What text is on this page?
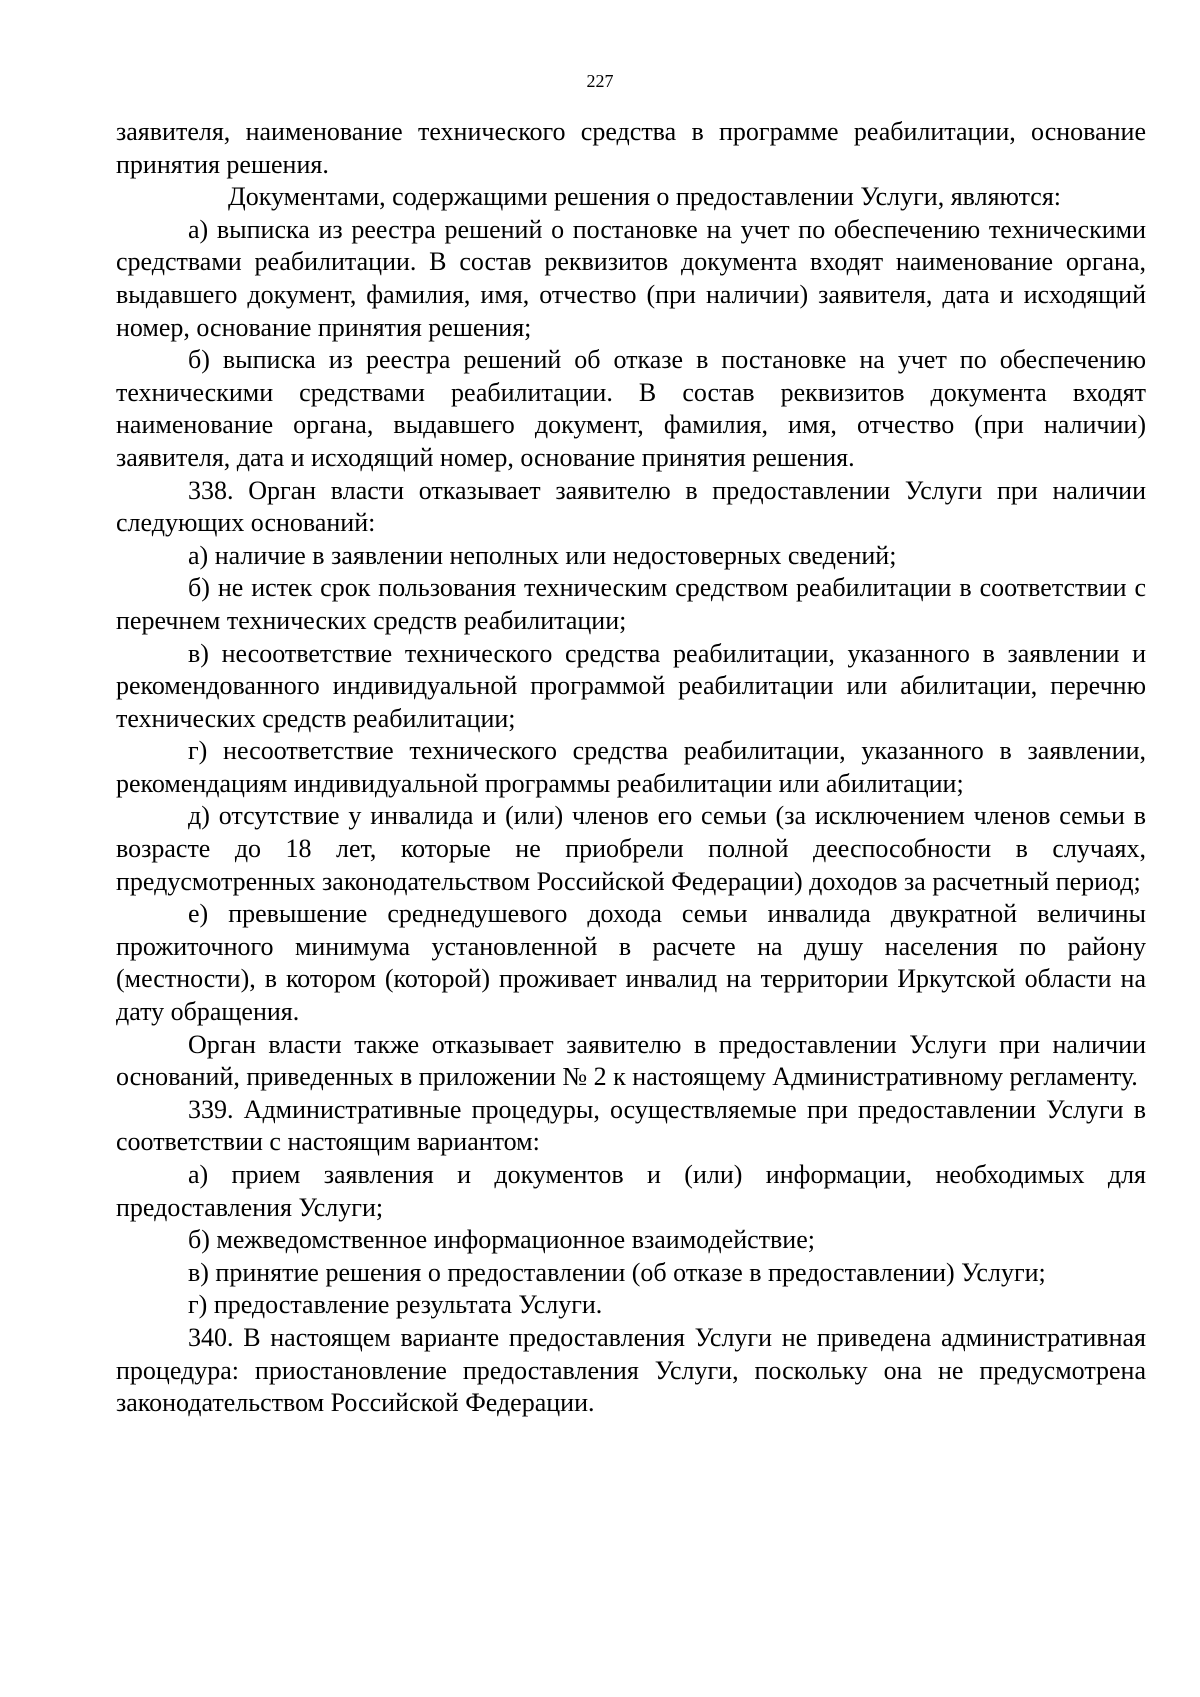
227

заявителя, наименование технического средства в программе реабилитации, основание принятия решения.

Документами, содержащими решения о предоставлении Услуги, являются:

а) выписка из реестра решений о постановке на учет по обеспечению техническими средствами реабилитации. В состав реквизитов документа входят наименование органа, выдавшего документ, фамилия, имя, отчество (при наличии) заявителя, дата и исходящий номер, основание принятия решения;

б) выписка из реестра решений об отказе в постановке на учет по обеспечению техническими средствами реабилитации. В состав реквизитов документа входят наименование органа, выдавшего документ, фамилия, имя, отчество (при наличии) заявителя, дата и исходящий номер, основание принятия решения.

338. Орган власти отказывает заявителю в предоставлении Услуги при наличии следующих оснований:

а) наличие в заявлении неполных или недостоверных сведений;

б) не истек срок пользования техническим средством реабилитации в соответствии с перечнем технических средств реабилитации;

в) несоответствие технического средства реабилитации, указанного в заявлении и рекомендованного индивидуальной программой реабилитации или абилитации, перечню технических средств реабилитации;

г) несоответствие технического средства реабилитации, указанного в заявлении, рекомендациям индивидуальной программы реабилитации или абилитации;

д) отсутствие у инвалида и (или) членов его семьи (за исключением членов семьи в возрасте до 18 лет, которые не приобрели полной дееспособности в случаях, предусмотренных законодательством Российской Федерации) доходов за расчетный период;

е) превышение среднедушевого дохода семьи инвалида двукратной величины прожиточного минимума установленной в расчете на душу населения по району (местности), в котором (которой) проживает инвалид на территории Иркутской области на дату обращения.

Орган власти также отказывает заявителю в предоставлении Услуги при наличии оснований, приведенных в приложении № 2 к настоящему Административному регламенту.

339. Административные процедуры, осуществляемые при предоставлении Услуги в соответствии с настоящим вариантом:

а) прием заявления и документов и (или) информации, необходимых для предоставления Услуги;

б) межведомственное информационное взаимодействие;

в) принятие решения о предоставлении (об отказе в предоставлении) Услуги;

г) предоставление результата Услуги.

340. В настоящем варианте предоставления Услуги не приведена административная процедура: приостановление предоставления Услуги, поскольку она не предусмотрена законодательством Российской Федерации.
